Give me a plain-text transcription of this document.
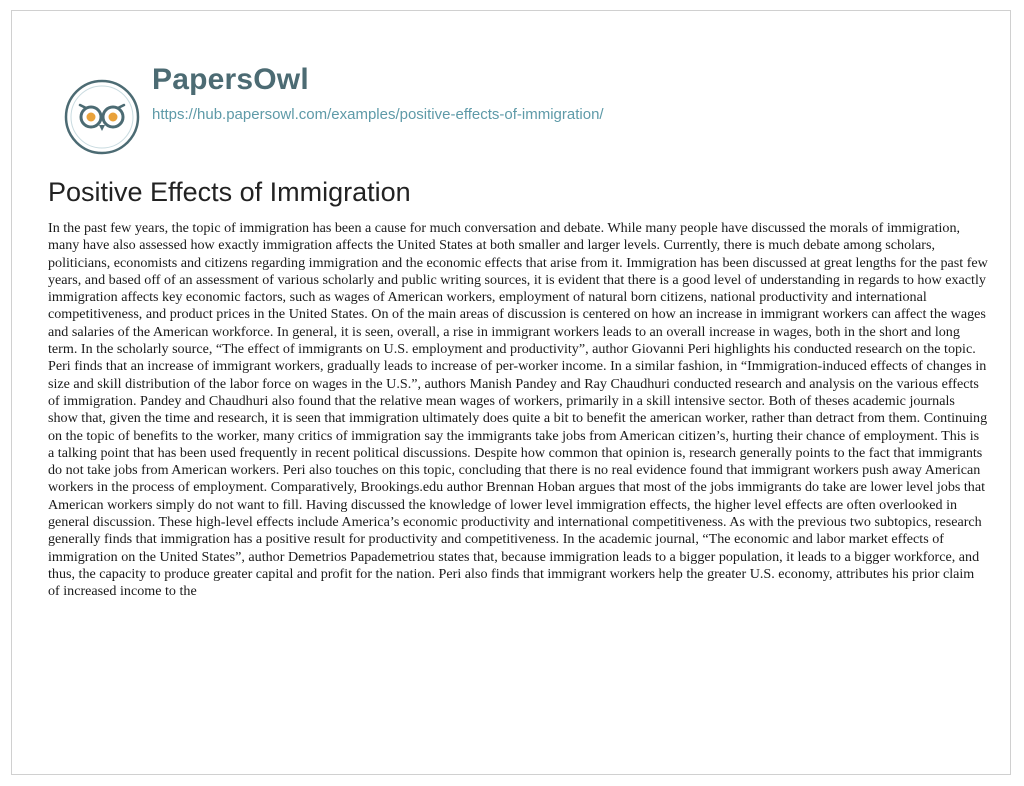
PapersOwl
https://hub.papersowl.com/examples/positive-effects-of-immigration/
Positive Effects of Immigration

In the past few years, the topic of immigration has been a cause for much conversation and debate. While many people have discussed the morals of immigration, many have also assessed how exactly immigration affects the United States at both smaller and larger levels. Currently, there is much debate among scholars, politicians, economists and citizens regarding immigration and the economic effects that arise from it. Immigration has been discussed at great lengths for the past few years, and based off of an assessment of various scholarly and public writing sources, it is evident that there is a good level of understanding in regards to how exactly immigration affects key economic factors, such as wages of American workers, employment of natural born citizens, national productivity and international competitiveness, and product prices in the United States. On of the main areas of discussion is centered on how an increase in immigrant workers can affect the wages and salaries of the American workforce. In general, it is seen, overall, a rise in immigrant workers leads to an overall increase in wages, both in the short and long term. In the scholarly source, “The effect of immigrants on U.S. employment and productivity”, author Giovanni Peri highlights his conducted research on the topic. Peri finds that an increase of immigrant workers, gradually leads to increase of per-worker income. In a similar fashion, in “Immigration-induced effects of changes in size and skill distribution of the labor force on wages in the U.S.”, authors Manish Pandey and Ray Chaudhuri conducted research and analysis on the various effects of immigration. Pandey and Chaudhuri also found that the relative mean wages of workers, primarily in a skill intensive sector. Both of theses academic journals show that, given the time and research, it is seen that immigration ultimately does quite a bit to benefit the american worker, rather than detract from them. Continuing on the topic of benefits to the worker, many critics of immigration say the immigrants take jobs from American citizen’s, hurting their chance of employment. This is a talking point that has been used frequently in recent political discussions. Despite how common that opinion is, research generally points to the fact that immigrants do not take jobs from American workers. Peri also touches on this topic, concluding that there is no real evidence found that immigrant workers push away American workers in the process of employment. Comparatively, Brookings.edu author Brennan Hoban argues that most of the jobs immigrants do take are lower level jobs that American workers simply do not want to fill. Having discussed the knowledge of lower level immigration effects, the higher level effects are often overlooked in general discussion. These high-level effects include America’s economic productivity and international competitiveness. As with the previous two subtopics, research generally finds that immigration has a positive result for productivity and competitiveness. In the academic journal, “The economic and labor market effects of immigration on the United States”, author Demetrios Papademetriou states that, because immigration leads to a bigger population, it leads to a bigger workforce, and thus, the capacity to produce greater capital and profit for the nation. Peri also finds that immigrant workers help the greater U.S. economy, attributes his prior claim of increased income to the
